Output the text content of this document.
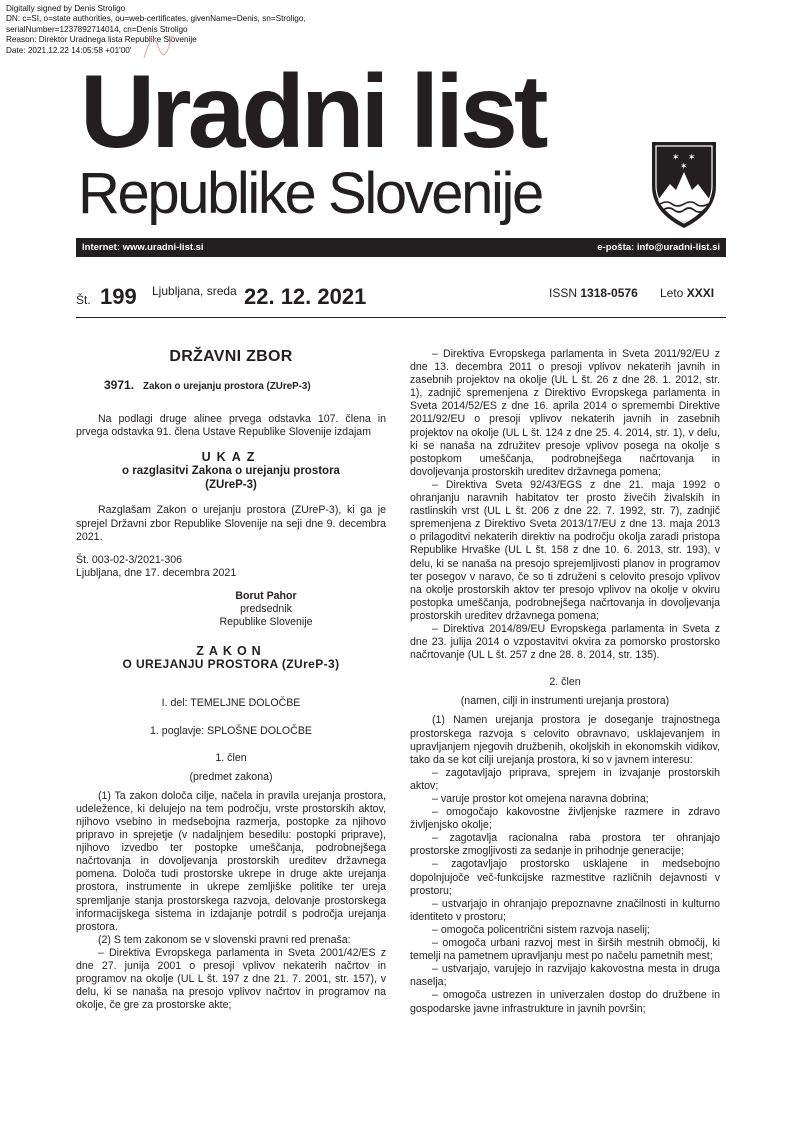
Digitally signed by Denis Stroligo
DN: c=SI, o=state authorities, ou=web-certificates, givenName=Denis, sn=Stroligo,
serialNumber=1237892714014, cn=Denis Stroligo
Reason: Direktor Uradnega lista Republike Slovenije
Date: 2021.12.22 14:05:58 +01'00'
Uradni list
Republike Slovenije
✶ ✶
✶
Internet: www.uradni-list.si	e-pošta: info@uradni-list.si
Št. 199 Ljubljana, sreda 22. 12. 2021	ISSN 1318-0576 Leto XXXI
DRŽAVNI ZBOR
3971. Zakon o urejanju prostora (ZUreP-3)
Na podlagi druge alinee prvega odstavka 107. člena in prvega odstavka 91. člena Ustave Republike Slovenije izdajam
UKAZ
o razglasitvi Zakona o urejanju prostora
(ZUreP-3)
Razglašam Zakon o urejanju prostora (ZUreP-3), ki ga je sprejel Državni zbor Republike Slovenije na seji dne 9. decembra 2021.
Št. 003-02-3/2021-306
Ljubljana, dne 17. decembra 2021
Borut Pahor
predsednik
Republike Slovenije
ZAKON
O UREJANJU PROSTORA (ZUreP-3)
I. del: TEMELJNE DOLOČBE
1. poglavje: SPLOŠNE DOLOČBE
1. člen
(predmet zakona)
(1) Ta zakon določa cilje, načela in pravila urejanja prostora, udeležence, ki delujejo na tem področju, vrste prostorskih aktov, njihovo vsebino in medsebojna razmerja, postopke za njihovo pripravo in sprejetje (v nadaljnjem besedilu: postopki priprave), njihovo izvedbo ter postopke umeščanja, podrobnejšega načrtovanja in dovoljevanja prostorskih ureditev državnega pomena. Določa tudi prostorske ukrepe in druge akte urejanja prostora, instrumente in ukrepe zemljiške politike ter ureja spremljanje stanja prostorskega razvoja, delovanje prostorskega informacijskega sistema in izdajanje potrdil s področja urejanja prostora.
(2) S tem zakonom se v slovenski pravni red prenaša:
– Direktiva Evropskega parlamenta in Sveta 2001/42/ES z dne 27. junija 2001 o presoji vplivov nekaterih načrtov in programov na okolje (UL L št. 197 z dne 21. 7. 2001, str. 157), v delu, ki se nanaša na presojo vplivov načrtov in programov na okolje, če gre za prostorske akte;
– Direktiva Evropskega parlamenta in Sveta 2011/92/EU z dne 13. decembra 2011 o presoji vplivov nekaterih javnih in zasebnih projektov na okolje (UL L št. 26 z dne 28. 1. 2012, str. 1), zadnjič spremenjena z Direktivo Evropskega parlamenta in Sveta 2014/52/ES z dne 16. aprila 2014 o spremembi Direktive 2011/92/EU o presoji vplivov nekaterih javnih in zasebnih projektov na okolje (UL L št. 124 z dne 25. 4. 2014, str. 1), v delu, ki se nanaša na združitev presoje vplivov posega na okolje s postopkom umeščanja, podrobnejšega načrtovanja in dovoljevanja prostorskih ureditev državnega pomena;
– Direktiva Sveta 92/43/EGS z dne 21. maja 1992 o ohranjanju naravnih habitatov ter prosto živečih živalskih in rastlinskih vrst (UL L št. 206 z dne 22. 7. 1992, str. 7), zadnjič spremenjena z Direktivo Sveta 2013/17/EU z dne 13. maja 2013 o prilagoditvi nekaterih direktiv na področju okolja zaradi pristopa Republike Hrvaške (UL L št. 158 z dne 10. 6. 2013, str. 193), v delu, ki se nanaša na presojo sprejemljivosti planov in programov ter posegov v naravo, če so ti združeni s celovito presojo vplivov na okolje prostorskih aktov ter presojo vplivov na okolje v okviru postopka umeščanja, podrobnejšega načrtovanja in dovoljevanja prostorskih ureditev državnega pomena;
– Direktiva 2014/89/EU Evropskega parlamenta in Sveta z dne 23. julija 2014 o vzpostavitvi okvira za pomorsko prostorsko načrtovanje (UL L št. 257 z dne 28. 8. 2014, str. 135).
2. člen
(namen, cilji in instrumenti urejanja prostora)
(1) Namen urejanja prostora je doseganje trajnostnega prostorskega razvoja s celovito obravnavo, usklajevanjem in upravljanjem njegovih družbenih, okoljskih in ekonomskih vidikov, tako da se kot cilji urejanja prostora, ki so v javnem interesu:
– zagotavljajo priprava, sprejem in izvajanje prostorskih aktov;
– varuje prostor kot omejena naravna dobrina;
– omogočajo kakovostne življenjske razmere in zdravo življenjsko okolje;
– zagotavlja racionalna raba prostora ter ohranjajo prostorske zmogljivosti za sedanje in prihodnje generacije;
– zagotavljajo prostorsko usklajene in medsebojno dopolnjujoče več-funkcijske razmestitve različnih dejavnosti v prostoru;
– ustvarjajo in ohranjajo prepoznavne značilnosti in kulturno identiteto v prostoru;
– omogoča policentrični sistem razvoja naselij;
– omogoča urbani razvoj mest in širših mestnih območij, ki temelji na pametnem upravljanju mest po načelu pametnih mest;
– ustvarjajo, varujejo in razvijajo kakovostna mesta in druga naselja;
– omogoča ustrezen in univerzalen dostop do družbene in gospodarske javne infrastrukture in javnih površin;
